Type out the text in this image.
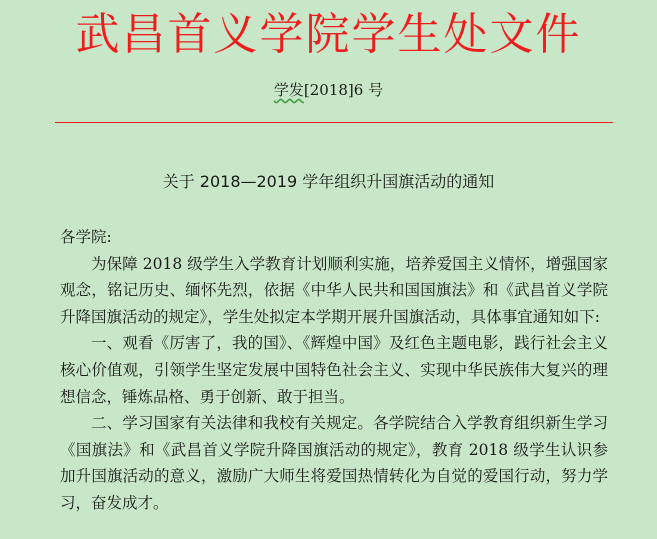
武昌首义学院学生处文件
学发[2018]6 号
关于 2018—2019 学年组织升国旗活动的通知

各学院:

为保障 2018 级学生入学教育计划顺利实施，培养爱国主义情怀，增强国家观念，铭记历史、缅怀先烈，依据《中华人民共和国国旗法》和《武昌首义学院升降国旗活动的规定》，学生处拟定本学期开展升国旗活动，具体事宜通知如下:

一、观看《厉害了，我的国》、《辉煌中国》及红色主题电影，践行社会主义核心价值观，引领学生坚定发展中国特色社会主义、实现中华民族伟大复兴的理想信念，锤炼品格、勇于创新、敢于担当。

二、学习国家有关法律和我校有关规定。各学院结合入学教育组织新生学习《国旗法》和《武昌首义学院升降国旗活动的规定》，教育 2018 级学生认识参加升国旗活动的意义，激励广大师生将爱国热情转化为自觉的爱国行动，努力学习，奋发成才。
